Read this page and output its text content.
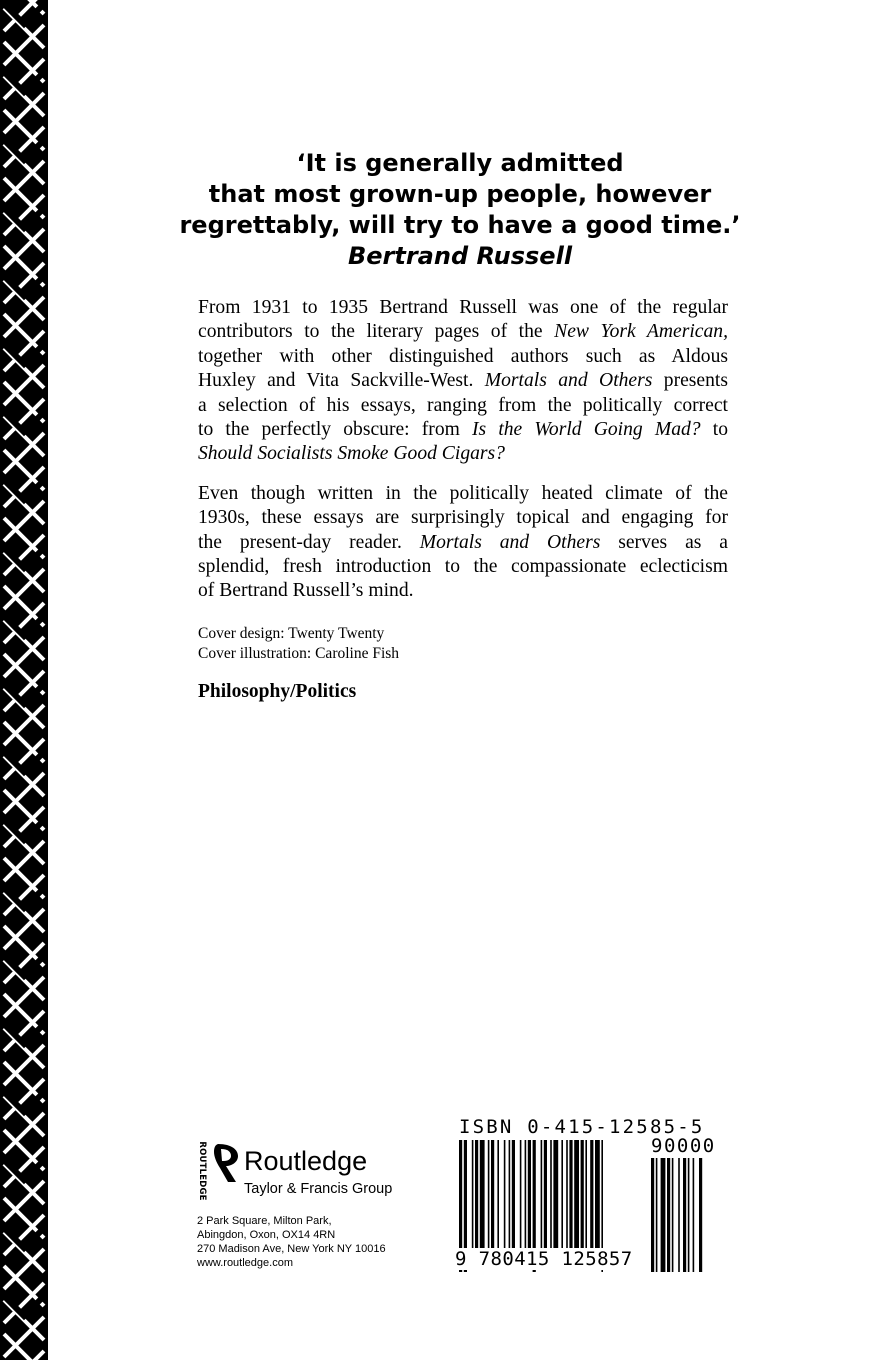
‘It is generally admitted
that most grown-up people, however
regrettably, will try to have a good time.’
Bertrand Russell
From 1931 to 1935 Bertrand Russell was one of the regular
contributors to the literary pages of the New York American,
together with other distinguished authors such as Aldous
Huxley and Vita Sackville-West. Mortals and Others presents
a selection of his essays, ranging from the politically correct
to the perfectly obscure: from Is the World Going Mad? to
Should Socialists Smoke Good Cigars?
Even though written in the politically heated climate of the
1930s, these essays are surprisingly topical and engaging for
the present-day reader. Mortals and Others serves as a
splendid, fresh introduction to the compassionate eclecticism
of Bertrand Russell’s mind.
Cover design: Twenty Twenty
Cover illustration: Caroline Fish
Philosophy/Politics
ROUTLEDGE Routledge
Taylor & Francis Group
2 Park Square, Milton Park,
Abingdon, Oxon, OX14 4RN
270 Madison Ave, New York NY 10016
www.routledge.com
ISBN 0-415-12585-5
90000
9 780415 125857
